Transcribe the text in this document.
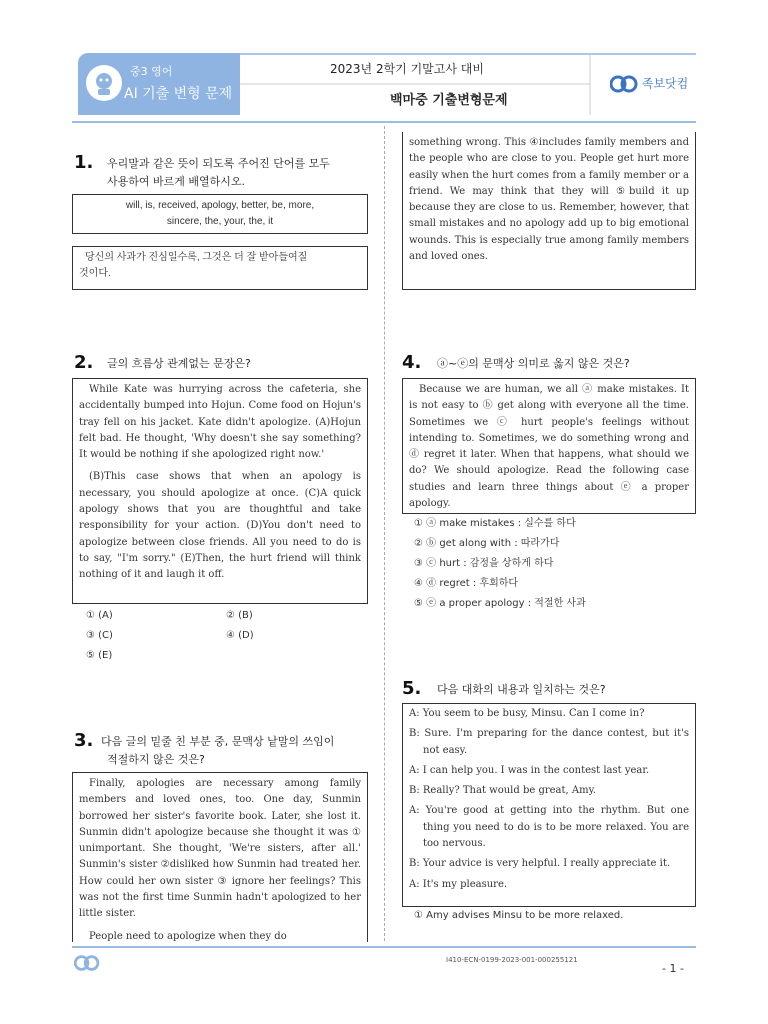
중3 영어
AI 기출 변형 문제
2023년 2학기 기말고사 대비
백마중 기출변형문제
족보닷컴
1. 우리말과 같은 뜻이 되도록 주어진 단어를 모두
사용하여 바르게 배열하시오.
will, is, received, apology, better, be, more,
sincere, the, your, the, it
당신의 사과가 진심일수록, 그것은 더 잘 받아들여질
것이다.
2. 글의 흐름상 관계없는 문장은?

While Kate was hurrying across the cafeteria, she accidentally bumped into Hojun. Come food on Hojun's tray fell on his jacket. Kate didn't apologize. (A)Hojun felt bad. He thought, 'Why doesn't she say something? It would be nothing if she apologized right now.'

(B)This case shows that when an apology is necessary, you should apologize at once. (C)A quick apology shows that you are thoughtful and take responsibility for your action. (D)You don't need to apologize between close friends. All you need to do is to say, "I'm sorry." (E)Then, the hurt friend will think nothing of it and laugh it off.

① (A)	② (B)
③ (C)	④ (D)
⑤ (E)
3. 다음 글의 밑줄 친 부분 중, 문맥상 낱말의 쓰임이
적절하지 않은 것은?

Finally, apologies are necessary among family members and loved ones, too. One day, Sunmin borrowed her sister's favorite book. Later, she lost it. Sunmin didn't apologize because she thought it was ① unimportant. She thought, 'We're sisters, after all.' Sunmin's sister ②disliked how Sunmin had treated her. How could her own sister ③ ignore her feelings? This was not the first time Sunmin hadn't apologized to her little sister.

People need to apologize when they do

something wrong. This ④includes family members and the people who are close to you. People get hurt more easily when the hurt comes from a family member or a friend. We may think that they will ⑤build it up because they are close to us. Remember, however, that small mistakes and no apology add up to big emotional wounds. This is especially true among family members and loved ones.

4. ⓐ~ⓔ의 문맥상 의미로 옳지 않은 것은?

Because we are human, we all ⓐ make mistakes. It is not easy to ⓑ get along with everyone all the time. Sometimes we ⓒ hurt people's feelings without intending to. Sometimes, we do something wrong and ⓓ regret it later. When that happens, what should we do? We should apologize. Read the following case studies and learn three things about ⓔ a proper apology.

① ⓐ make mistakes : 실수를 하다
② ⓑ get along with : 따라가다
③ ⓒ hurt : 감정을 상하게 하다
④ ⓓ regret : 후회하다
⑤ ⓔ a proper apology : 적절한 사과
5. 다음 대화의 내용과 일치하는 것은?

A: You seem to be busy, Minsu. Can I come in?

B: Sure. I'm preparing for the dance contest, but it's not easy.

A: I can help you. I was in the contest last year.

B: Really? That would be great, Amy.

A: You're good at getting into the rhythm. But one thing you need to do is to be more relaxed. You are too nervous.

B: Your advice is very helpful. I really appreciate it.

A: It's my pleasure.

① Amy advises Minsu to be more relaxed.
I410-ECN-0199-2023-001-000255121
- 1 -
